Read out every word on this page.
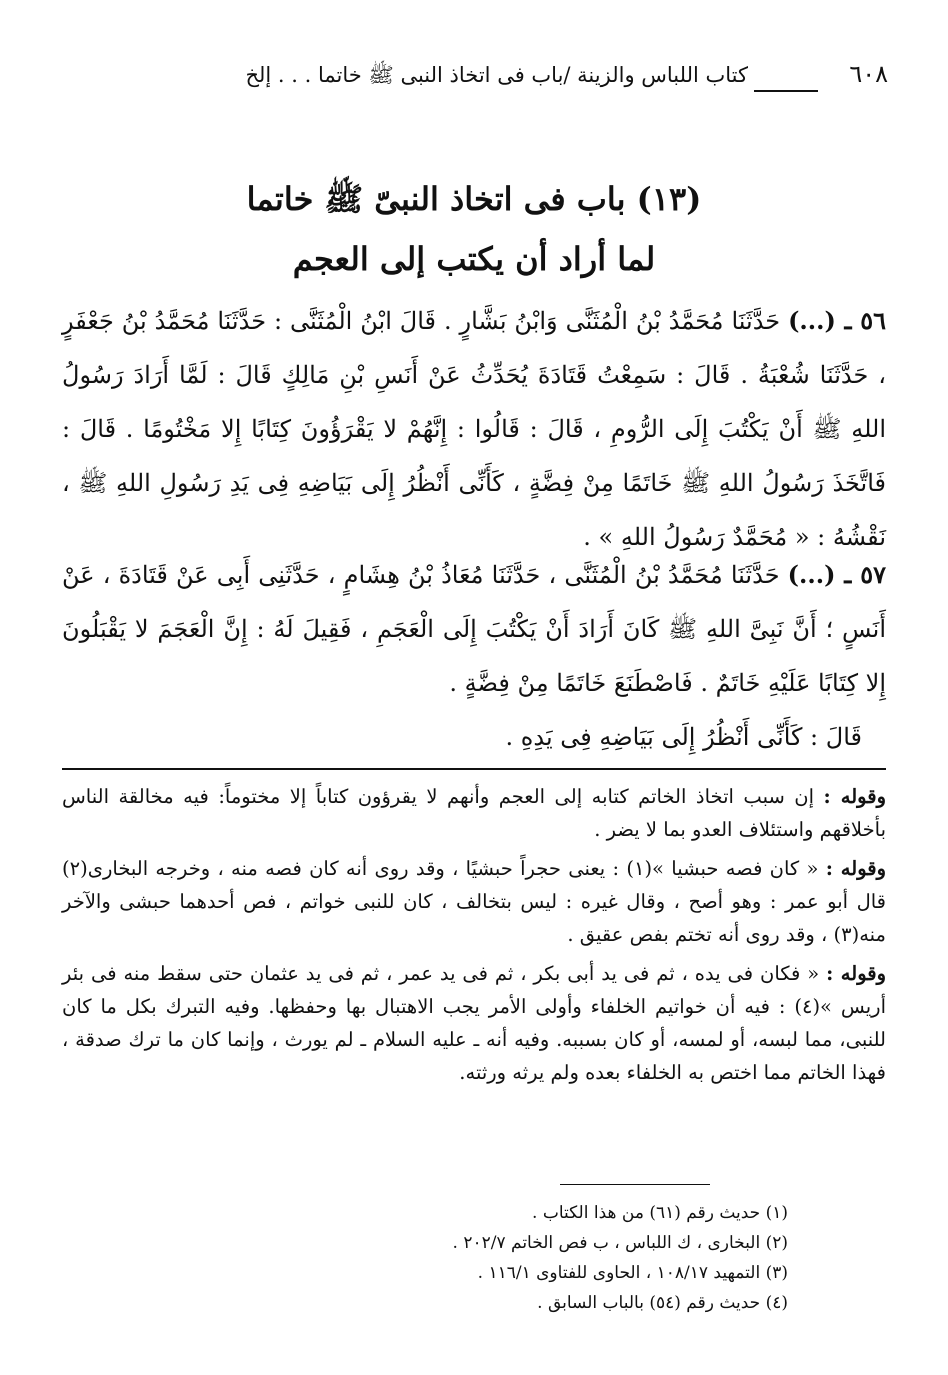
٦٠٨
كتاب اللباس والزينة /باب فى اتخاذ النبى ﷺ خاتما . . . إلخ
(١٣) باب فى اتخاذ النبىّ ﷺ خاتما
لما أراد أن يكتب إلى العجم

٥٦ ـ (...) حَدَّثَنَا مُحَمَّدُ بْنُ الْمُثَنَّى وَابْنُ بَشَّارٍ . قَالَ ابْنُ الْمُثَنَّى : حَدَّثَنَا مُحَمَّدُ بْنُ جَعْفَرٍ ، حَدَّثَنَا شُعْبَةُ . قَالَ : سَمِعْتُ قَتَادَةَ يُحَدِّثُ عَنْ أَنَسِ بْنِ مَالِكٍ قَالَ : لَمَّا أَرَادَ رَسُولُ اللهِ ﷺ أَنْ يَكْتُبَ إِلَى الرُّومِ ، قَالَ : قَالُوا : إِنَّهُمْ لا يَقْرَؤُونَ كِتَابًا إِلا مَخْتُومًا . قَالَ : فَاتَّخَذَ رَسُولُ اللهِ ﷺ خَاتَمًا مِنْ فِضَّةٍ ، كَأَنِّى أَنْظُرُ إِلَى بَيَاضِهِ فِى يَدِ رَسُولِ اللهِ ﷺ ، نَقْشُهُ : « مُحَمَّدٌ رَسُولُ اللهِ » .

٥٧ ـ (...) حَدَّثَنَا مُحَمَّدُ بْنُ الْمُثَنَّى ، حَدَّثَنَا مُعَاذُ بْنُ هِشَامٍ ، حَدَّثَنِى أَبِى عَنْ قَتَادَةَ ، عَنْ أَنَسٍ ؛ أَنَّ نَبِىَّ اللهِ ﷺ كَانَ أَرَادَ أَنْ يَكْتُبَ إِلَى الْعَجَمِ ، فَقِيلَ لَهُ : إِنَّ الْعَجَمَ لا يَقْبَلُونَ إِلا كِتَابًا عَلَيْهِ خَاتَمٌ . فَاصْطَنَعَ خَاتَمًا مِنْ فِضَّةٍ .

قَالَ : كَأَنِّى أَنْظُرُ إِلَى بَيَاضِهِ فِى يَدِهِ .

وقوله : إن سبب اتخاذ الخاتم كتابه إلى العجم وأنهم لا يقرؤون كتاباً إلا مختوماً: فيه مخالقة الناس بأخلاقهم واستئلاف العدو بما لا يضر .

وقوله : « كان فصه حبشيا »(١) : يعنى حجراً حبشيًا ، وقد روى أنه كان فصه منه ، وخرجه البخارى(٢) قال أبو عمر : وهو أصح ، وقال غيره : ليس بتخالف ، كان للنبى خواتم ، فص أحدهما حبشى والآخر منه(٣) ، وقد روى أنه تختم بفص عقيق .

وقوله : « فكان فى يده ، ثم فى يد أبى بكر ، ثم فى يد عمر ، ثم فى يد عثمان حتى سقط منه فى بئر أريس »(٤) : فيه أن خواتيم الخلفاء وأولى الأمر يجب الاهتبال بها وحفظها. وفيه التبرك بكل ما كان للنبى، مما لبسه، أو لمسه، أو كان بسببه. وفيه أنه ـ عليه السلام ـ لم يورث ، وإنما كان ما ترك صدقة ، فهذا الخاتم مما اختص به الخلفاء بعده ولم يرثه ورثته.

(١) حديث رقم (٦١) من هذا الكتاب .
(٢) البخارى ، ك اللباس ، ب فص الخاتم ٢٠٢/٧ .
(٣) التمهيد ١٠٨/١٧ ، الحاوى للفتاوى ١١٦/١ .
(٤) حديث رقم (٥٤) بالباب السابق .
